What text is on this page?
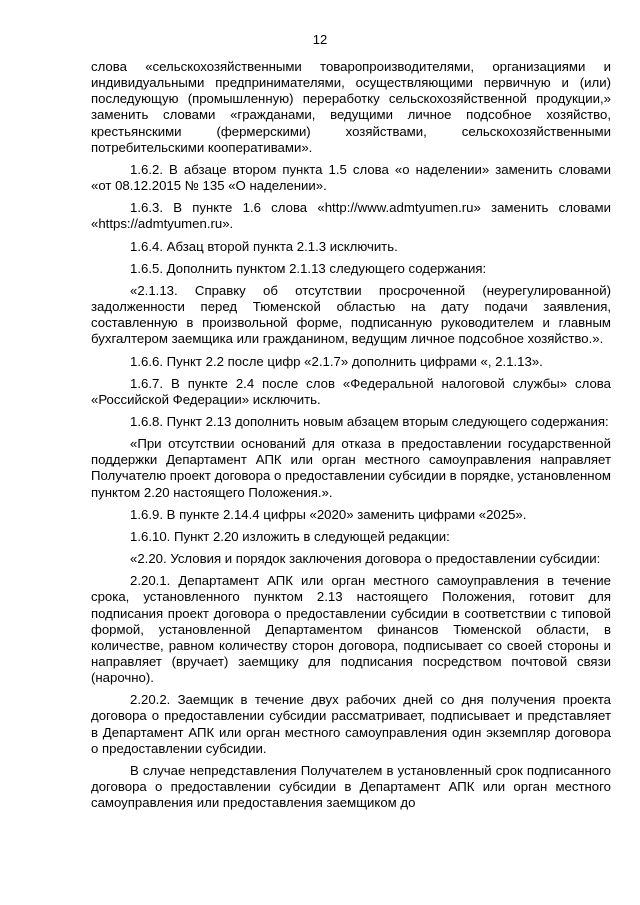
12

слова «сельскохозяйственными товаропроизводителями, организациями и индивидуальными предпринимателями, осуществляющими первичную и (или) последующую (промышленную) переработку сельскохозяйственной продукции,» заменить словами «гражданами, ведущими личное подсобное хозяйство, крестьянскими (фермерскими) хозяйствами, сельскохозяйственными потребительскими кооперативами».

1.6.2. В абзаце втором пункта 1.5 слова «о наделении» заменить словами «от 08.12.2015 № 135 «О наделении».

1.6.3. В пункте 1.6 слова «http://www.admtyumen.ru» заменить словами «https://admtyumen.ru».

1.6.4. Абзац второй пункта 2.1.3 исключить.

1.6.5. Дополнить пунктом 2.1.13 следующего содержания:

«2.1.13. Справку об отсутствии просроченной (неурегулированной) задолженности перед Тюменской областью на дату подачи заявления, составленную в произвольной форме, подписанную руководителем и главным бухгалтером заемщика или гражданином, ведущим личное подсобное хозяйство.».

1.6.6. Пункт 2.2 после цифр «2.1.7» дополнить цифрами «, 2.1.13».

1.6.7. В пункте 2.4 после слов «Федеральной налоговой службы» слова «Российской Федерации» исключить.

1.6.8. Пункт 2.13 дополнить новым абзацем вторым следующего содержания:

«При отсутствии оснований для отказа в предоставлении государственной поддержки Департамент АПК или орган местного самоуправления направляет Получателю проект договора о предоставлении субсидии в порядке, установленном пунктом 2.20 настоящего Положения.».

1.6.9. В пункте 2.14.4 цифры «2020» заменить цифрами «2025».

1.6.10. Пункт 2.20 изложить в следующей редакции:

«2.20. Условия и порядок заключения договора о предоставлении субсидии:

2.20.1. Департамент АПК или орган местного самоуправления в течение срока, установленного пунктом 2.13 настоящего Положения, готовит для подписания проект договора о предоставлении субсидии в соответствии с типовой формой, установленной Департаментом финансов Тюменской области, в количестве, равном количеству сторон договора, подписывает со своей стороны и направляет (вручает) заемщику для подписания посредством почтовой связи (нарочно).

2.20.2. Заемщик в течение двух рабочих дней со дня получения проекта договора о предоставлении субсидии рассматривает, подписывает и представляет в Департамент АПК или орган местного самоуправления один экземпляр договора о предоставлении субсидии.

В случае непредставления Получателем в установленный срок подписанного договора о предоставлении субсидии в Департамент АПК или орган местного самоуправления или предоставления заемщиком до
